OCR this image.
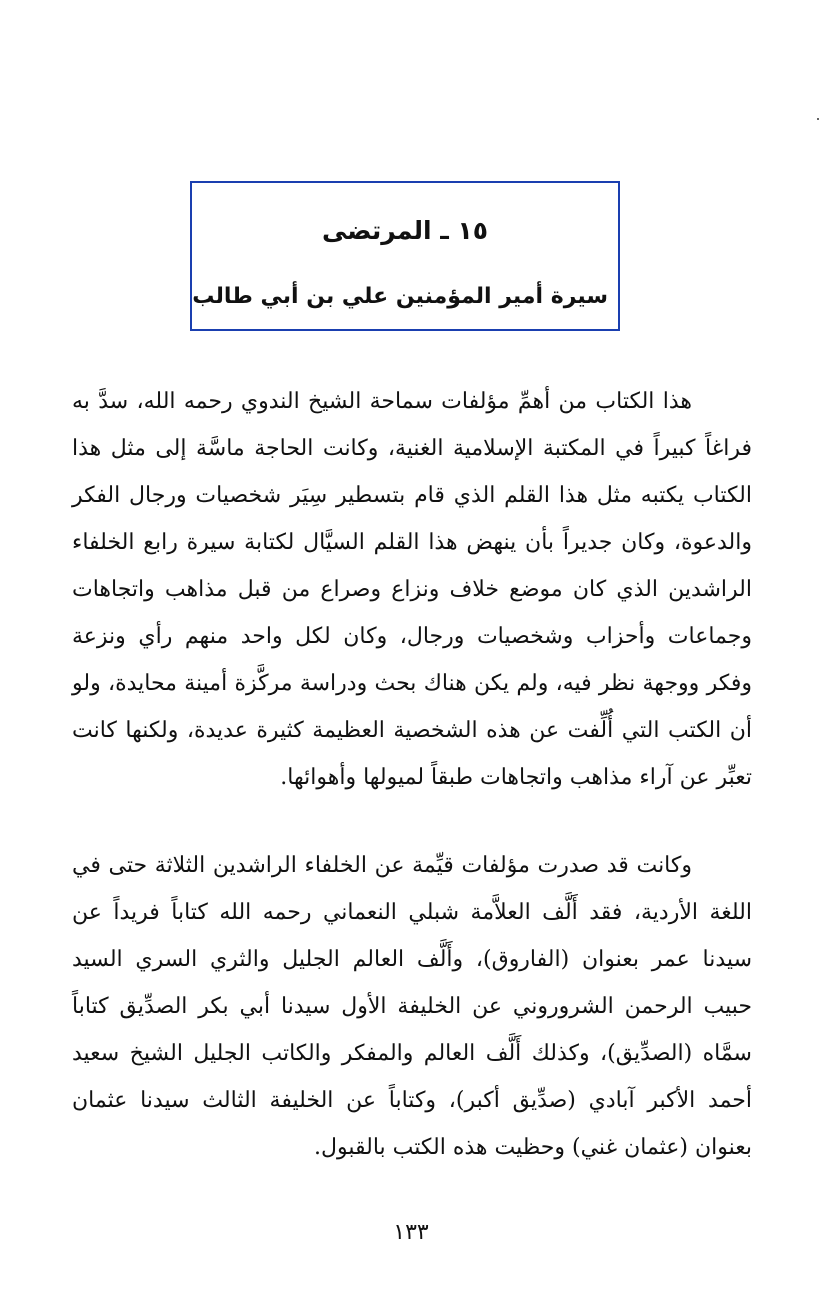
١٥ ـ المرتضى
سيرة أمير المؤمنين علي بن أبي طالب

هذا الكتاب من أهمِّ مؤلفات سماحة الشيخ الندوي رحمه الله، سدَّ به فراغاً كبيراً في المكتبة الإسلامية الغنية، وكانت الحاجة ماسَّة إلى مثل هذا الكتاب يكتبه مثل هذا القلم الذي قام بتسطير سِيَر شخصيات ورجال الفكر والدعوة، وكان جديراً بأن ينهض هذا القلم السيَّال لكتابة سيرة رابع الخلفاء الراشدين الذي كان موضع خلاف ونزاع وصراع من قبل مذاهب واتجاهات وجماعات وأحزاب وشخصيات ورجال، وكان لكل واحد منهم رأي ونزعة وفكر ووجهة نظر فيه، ولم يكن هناك بحث ودراسة مركَّزة أمينة محايدة، ولو أن الكتب التي أُلِّفت عن هذه الشخصية العظيمة كثيرة عديدة، ولكنها كانت تعبِّر عن آراء مذاهب واتجاهات طبقاً لميولها وأهوائها.

وكانت قد صدرت مؤلفات قيِّمة عن الخلفاء الراشدين الثلاثة حتى في اللغة الأردية، فقد أَلَّف العلاَّمة شبلي النعماني رحمه الله كتاباً فريداً عن سيدنا عمر بعنوان (الفاروق)، وأَلَّف العالم الجليل والثري السري السيد حبيب الرحمن الشروروني عن الخليفة الأول سيدنا أبي بكر الصدِّيق كتاباً سمَّاه (الصدِّيق)، وكذلك أَلَّف العالم والمفكر والكاتب الجليل الشيخ سعيد أحمد الأكبر آبادي (صدِّيق أكبر)، وكتاباً عن الخليفة الثالث سيدنا عثمان بعنوان (عثمان غني) وحظيت هذه الكتب بالقبول.

١٣٣
